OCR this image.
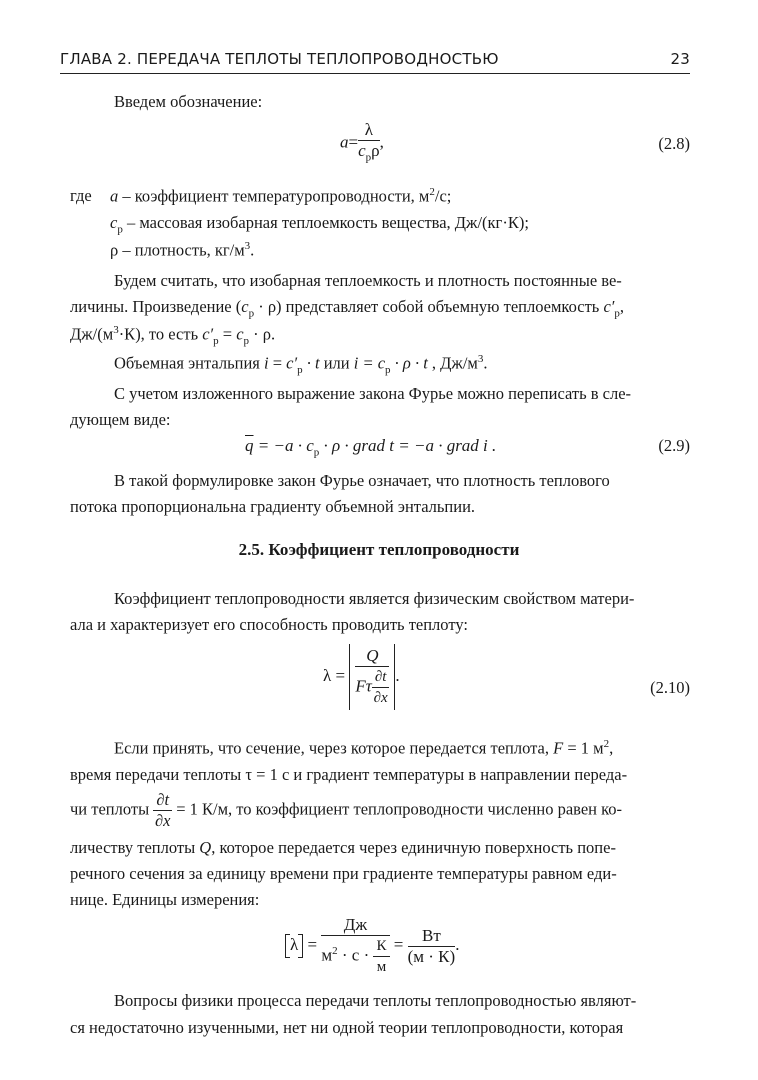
ГЛАВА 2. ПЕРЕДАЧА ТЕПЛОТЫ ТЕПЛОПРОВОДНОСТЬЮ	23
Введем обозначение:
$a= \frac{\lambda}{c_p\rho}$ ,	(2.8)
где a – коэффициент температуропроводности, $м^2/с$;
$c_p$ – массовая изобарная теплоемкость вещества, Дж/(кг·К);
ρ – плотность, $кг/м^3$.
Будем считать, что изобарная теплоемкость и плотность постоянные ве-
личины. Произведение $(c_p \cdot \rho)$ представляет собой объемную теплоемкость $c'_p$,
$Дж/(м^3\cdot К)$, то есть $c'_p = c_p \cdot \rho$.
Объемная энтальпия $i = c'_p \cdot t$ или $i = c_p \cdot \rho \cdot t$ , $Дж/м^3$.
С учетом изложенного выражение закона Фурье можно переписать в сле-
дующем виде:
$\overline{q} = -a \cdot c_p \cdot \rho$ · grad t = −a · grad i .	(2.9)
В такой формулировке закон Фурье означает, что плотность теплового
потока пропорциональна градиенту объемной энтальпии.
2.5. Коэффициент теплопроводности
Коэффициент теплопроводности является физическим свойством матери-
ала и характеризует его способность проводить теплоту:
$\lambda = \frac{Q}{F\tau \frac{\partial t}{\partial x}}$ .
(2.10)
Если принять, что сечение, через которое передается теплота, F = 1 $м^2$,
время передачи теплоты τ = 1 с и градиент температуры в направлении переда-
чи теплоты $\frac{\partial t}{\partial x} = 1$ К/м, то коэффициент теплопроводности численно равен ко-
личеству теплоты Q, которое передается через единичную поверхность попе-
речного сечения за единицу времени при градиенте температуры равном еди-
нице. Единицы измерения:
$\lambda = \frac{Дж}{м^2 \cdot с \cdot \frac{К}{м}} = \frac{Вт}{(м \cdot К)}$ .
Вопросы физики процесса передачи теплоты теплопроводностью являют-
ся недостаточно изученными, нет ни одной теории теплопроводности, которая
